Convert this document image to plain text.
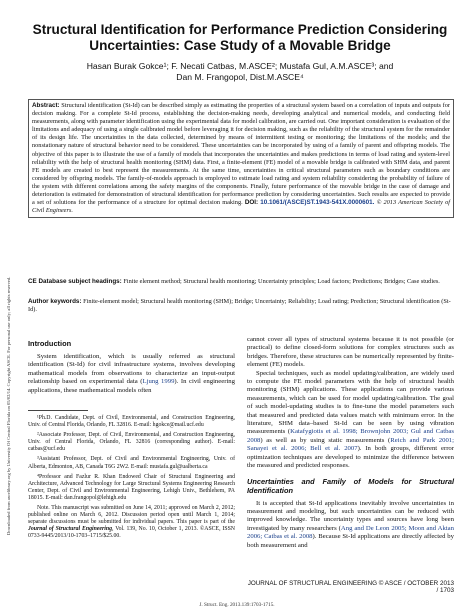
Downloaded from ascelibrary.org by University Of Central Florida on 05/02/14. Copyright ASCE. For personal use only; all rights reserved.
Structural Identification for Performance Prediction Considering Uncertainties: Case Study of a Movable Bridge
Hasan Burak Gokce¹; F. Necati Catbas, M.ASCE²; Mustafa Gul, A.M.ASCE³; and
Dan M. Frangopol, Dist.M.ASCE⁴
Abstract: Structural identification (St-Id) can be described simply as estimating the properties of a structural system based on a correlation of inputs and outputs for decision making. For a complete St-Id process, establishing the decision-making needs, developing analytical and numerical models, and conducting field measurements, along with parameter identification using the experimental data for model calibration, are carried out. One important consideration is evaluation of the limitations and adequacy of using a single calibrated model before leveraging it for decision making, such as the reliability of the structural system for the remainder of its design life. The uncertainties in the data collected, determined by means of intermittent testing or monitoring; the limitations of the models; and the nonstationary nature of structural behavior need to be considered. These uncertainties can be incorporated by using of a family of parent and offspring models. The objective of this paper is to illustrate the use of a family of models that incorporates the uncertainties and makes predictions in terms of load rating and system-level reliability with the help of structural health monitoring (SHM) data. First, a finite-element (FE) model of a movable bridge is calibrated with SHM data, and parent FE models are created to best represent the measurements. At the same time, uncertainties in critical structural parameters such as boundary conditions are considered by offspring models. The family-of-models approach is employed to estimate load rating and system reliability considering the probability of failure of the system with different correlations among the safety margins of the components. Finally, future performance of the movable bridge in the case of damage and deterioration is estimated for demonstration of structural identification for performance prediction by considering uncertainties. Such results are expected to provide a set of solutions for the performance of a structure for optimal decision making. DOI: 10.1061/(ASCE)ST.1943-541X.0000601. © 2013 American Society of Civil Engineers.
CE Database subject headings: Finite element method; Structural health monitoring; Uncertainty principles; Load factors; Predictions; Bridges; Case studies.
Author keywords: Finite-element model; Structural health monitoring (SHM); Bridge; Uncertainty; Reliability; Load rating; Prediction; Structural identification (St-Id).
Introduction

System identification, which is usually referred as structural identification (St-Id) for civil infrastructure systems, involves developing mathematical models from observations to characterize an input-output relationship based on experimental data (Ljung 1999). In civil engineering applications, these mathematical models often

¹Ph.D. Candidate, Dept. of Civil, Environmental, and Construction Engineering, Univ. of Central Florida, Orlando, FL 32816. E-mail: hgokce@mail.ucf.edu

²Associate Professor, Dept. of Civil, Environmental, and Construction Engineering, Univ. of Central Florida, Orlando, FL 32816 (corresponding author). E-mail: catbas@ucf.edu

³Assistant Professor, Dept. of Civil and Environmental Engineering, Univ. of Alberta, Edmonton, AB, Canada T6G 2W2. E-mail: mustafa.gul@ualberta.ca

⁴Professor and Fazlur R. Khan Endowed Chair of Structural Engineering and Architecture, Advanced Technology for Large Structural Systems Engineering Research Center, Dept. of Civil and Environmental Engineering, Lehigh Univ., Bethlehem, PA 18015. E-mail: dan.frangopol@lehigh.edu

Note. This manuscript was submitted on June 14, 2011; approved on March 2, 2012; published online on March 6, 2012. Discussion period open until March 1, 2014; separate discussions must be submitted for individual papers. This paper is part of the Journal of Structural Engineering, Vol. 139, No. 10, October 1, 2013. ©ASCE, ISSN 0733-9445/2013/10-1703–1715/$25.00.

cannot cover all types of structural systems because it is not possible (or practical) to define closed-form solutions for complex structures such as bridges. Therefore, these structures can be numerically represented by finite-element (FE) models.

Special techniques, such as model updating/calibration, are widely used to compute the FE model parameters with the help of structural health monitoring (SHM) applications. These applications can provide various measurements, which can be used for model updating/calibration. The goal of such model-updating studies is to fine-tune the model parameters such that measured and predicted data values match with minimum error. In the literature, SHM data–based St-Id can be seen by using vibration measurements (Katafygiotis et al. 1998; Brownjohn 2003; Gul and Catbas 2008) as well as by using static measurements (Reich and Park 2001; Sanayei et al. 2006; Bell et al. 2007). In both groups, different error optimization techniques are developed to minimize the difference between the measured and predicted responses.

Uncertainties and Family of Models for Structural Identification

It is accepted that St-Id applications inevitably involve uncertainties in measurement and modeling, but such uncertainties can be reduced with improved knowledge. The uncertainty types and sources have long been investigated by many researchers (Ang and De Leon 2005; Moon and Aktan 2006; Catbas et al. 2008). Because St-Id applications are directly affected by both measurement and

JOURNAL OF STRUCTURAL ENGINEERING © ASCE / OCTOBER 2013 / 1703
J. Struct. Eng. 2013.139:1703-1715.
